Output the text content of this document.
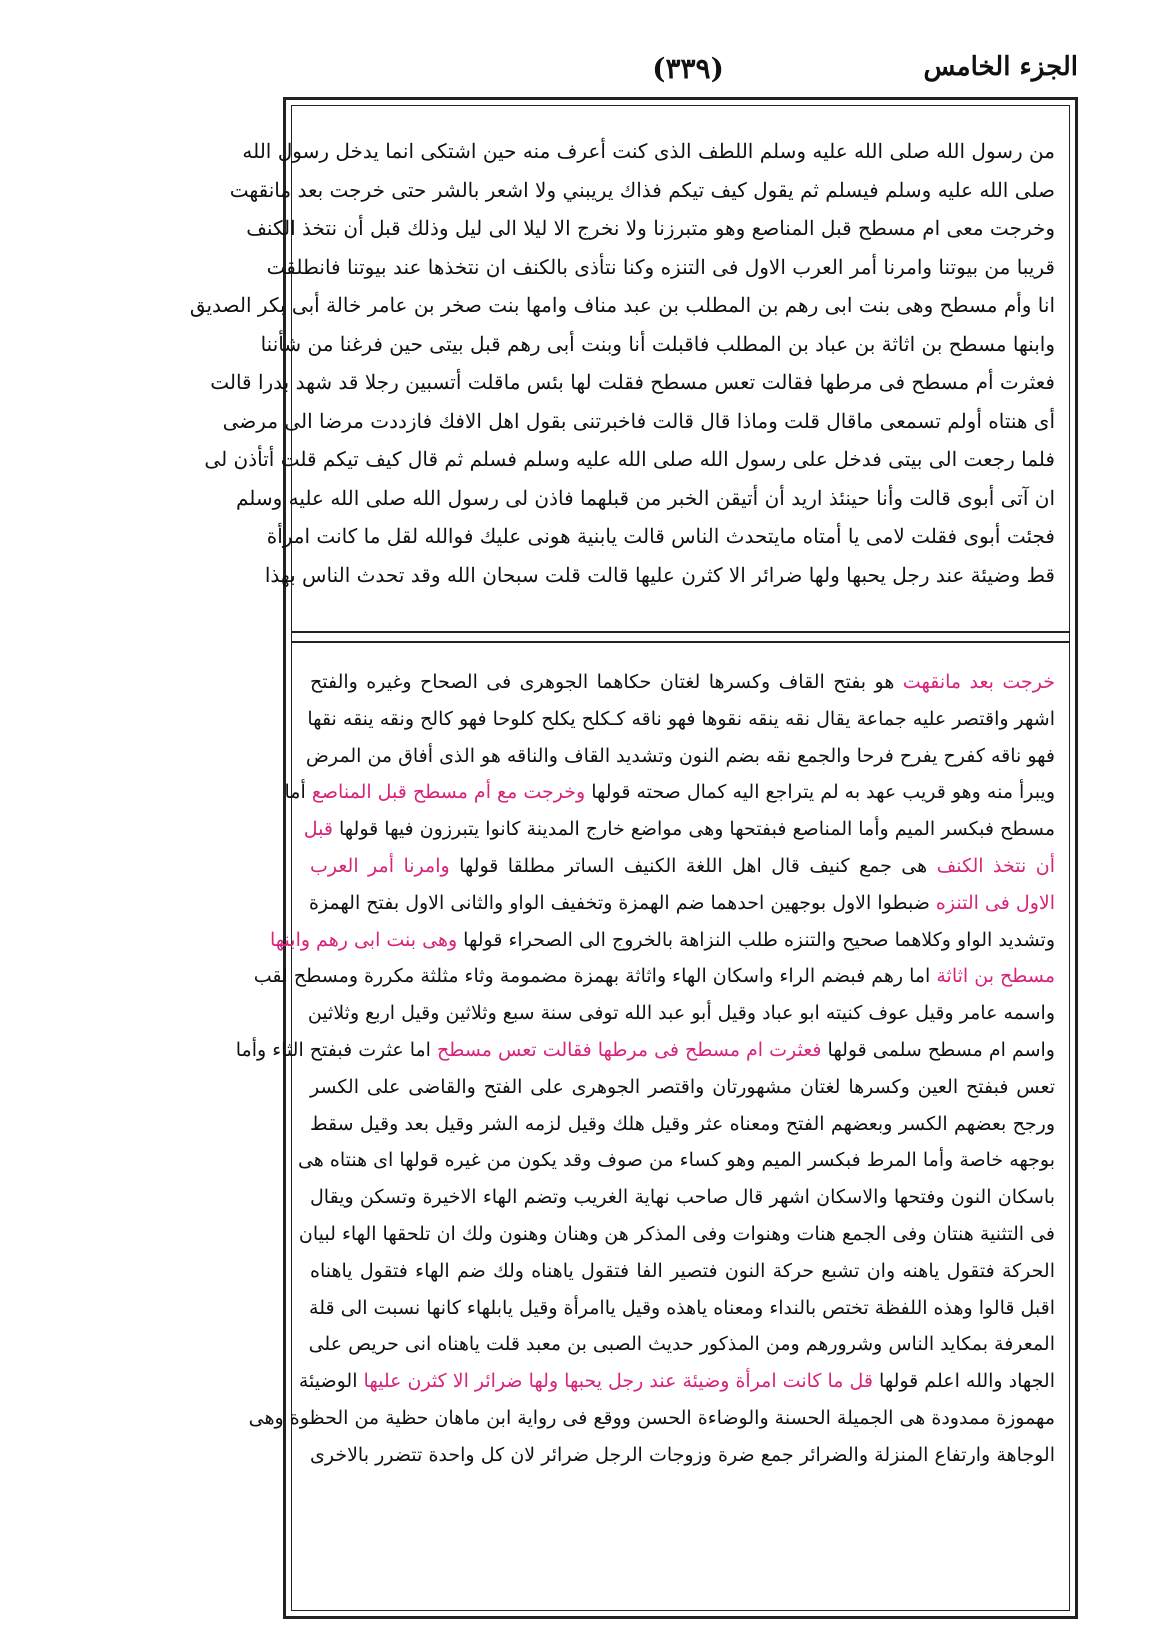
(٣٣٩)	الجزء الخامس
من رسول الله صلى الله عليه وسلم اللطف الذى كنت أعرف منه حين اشتكى انما يدخل رسول الله
صلى الله عليه وسلم فيسلم ثم يقول كيف تيكم فذاك يريبني ولا اشعر بالشر حتى خرجت بعد مانقهت
وخرجت معى ام مسطح قبل المناصع وهو متبرزنا ولا نخرج الا ليلا الى ليل وذلك قبل أن نتخذ الكنف
قريبا من بيوتنا وامرنا أمر العرب الاول فى التنزه وكنا نتأذى بالكنف ان نتخذها عند بيوتنا فانطلقت
انا وأم مسطح وهى بنت ابى رهم بن المطلب بن عبد مناف وامها بنت صخر بن عامر خالة أبى بكر الصديق
وابنها مسطح بن اثاثة بن عباد بن المطلب فاقبلت أنا وبنت أبى رهم قبل بيتى حين فرغنا من شأننا
فعثرت أم مسطح فى مرطها فقالت تعس مسطح فقلت لها بئس ماقلت أتسبين رجلا قد شهد بدرا قالت
أى هنتاه أولم تسمعى ماقال قلت وماذا قال قالت فاخبرتنى بقول اهل الافك فازددت مرضا الى مرضى
فلما رجعت الى بيتى فدخل على رسول الله صلى الله عليه وسلم فسلم ثم قال كيف تيكم قلت أتأذن لى
ان آتى أبوى قالت وأنا حينئذ اريد أن أتيقن الخبر من قبلهما فاذن لى رسول الله صلى الله عليه وسلم
فجئت أبوى فقلت لامى يا أمتاه مايتحدث الناس قالت يابنية هونى عليك فوالله لقل ما كانت امرأة
قط وضيئة عند رجل يحبها ولها ضرائر الا كثرن عليها قالت قلت سبحان الله وقد تحدث الناس بهذا
خرجت بعد مانقهت هو بفتح القاف وكسرها لغتان حكاهما الجوهرى فى الصحاح وغيره والفتح
اشهر واقتصر عليه جماعة يقال نقه ينقه نقوها فهو ناقه كـكلح يكلح كلوحا فهو كالح ونقه ينقه نقها
فهو ناقه كفرح يفرح فرحا والجمع نقه بضم النون وتشديد القاف والناقه هو الذى أفاق من المرض
ويبرأ منه وهو قريب عهد به لم يتراجع اليه كمال صحته قولها وخرجت مع أم مسطح قبل المناصع أما
مسطح فبكسر الميم وأما المناصع فبفتحها وهى مواضع خارج المدينة كانوا يتبرزون فيها قولها قبل
أن نتخذ الكنف هى جمع كنيف قال اهل اللغة الكنيف الساتر مطلقا قولها وامرنا أمر العرب
الاول فى التنزه ضبطوا الاول بوجهين احدهما ضم الهمزة وتخفيف الواو والثانى الاول بفتح الهمزة
وتشديد الواو وكلاهما صحيح والتنزه طلب النزاهة بالخروج الى الصحراء قولها وهى بنت ابى رهم وابنها
مسطح بن اثاثة اما رهم فبضم الراء واسكان الهاء واثاثة بهمزة مضمومة وثاء مثلثة مكررة ومسطح لقب
واسمه عامر وقيل عوف كنيته ابو عباد وقيل أبو عبد الله توفى سنة سبع وثلاثين وقيل اربع وثلاثين
واسم ام مسطح سلمى قولها فعثرت ام مسطح فى مرطها فقالت تعس مسطح اما عثرت فبفتح الثاء وأما
تعس فبفتح العين وكسرها لغتان مشهورتان واقتصر الجوهرى على الفتح والقاضى على الكسر
ورجح بعضهم الكسر وبعضهم الفتح ومعناه عثر وقيل هلك وقيل لزمه الشر وقيل بعد وقيل سقط
بوجهه خاصة وأما المرط فبكسر الميم وهو كساء من صوف وقد يكون من غيره قولها اى هنتاه هى
باسكان النون وفتحها والاسكان اشهر قال صاحب نهاية الغريب وتضم الهاء الاخيرة وتسكن ويقال
فى التثنية هنتان وفى الجمع هنات وهنوات وفى المذكر هن وهنان وهنون ولك ان تلحقها الهاء لبيان
الحركة فتقول ياهنه وان تشبع حركة النون فتصير الفا فتقول ياهناه ولك ضم الهاء فتقول ياهناه
اقبل قالوا وهذه اللفظة تختص بالنداء ومعناه ياهذه وقيل ياامرأة وقيل يابلهاء كانها نسبت الى قلة
المعرفة بمكايد الناس وشرورهم ومن المذكور حديث الصبى بن معبد قلت ياهناه انى حريص على
الجهاد والله اعلم قولها قل ما كانت امرأة وضيئة عند رجل يحبها ولها ضرائر الا كثرن عليها الوضيئة
مهموزة ممدودة هى الجميلة الحسنة والوضاءة الحسن ووقع فى رواية ابن ماهان حظية من الحظوة وهى
الوجاهة وارتفاع المنزلة والضرائر جمع ضرة وزوجات الرجل ضرائر لان كل واحدة تتضرر بالاخرى
